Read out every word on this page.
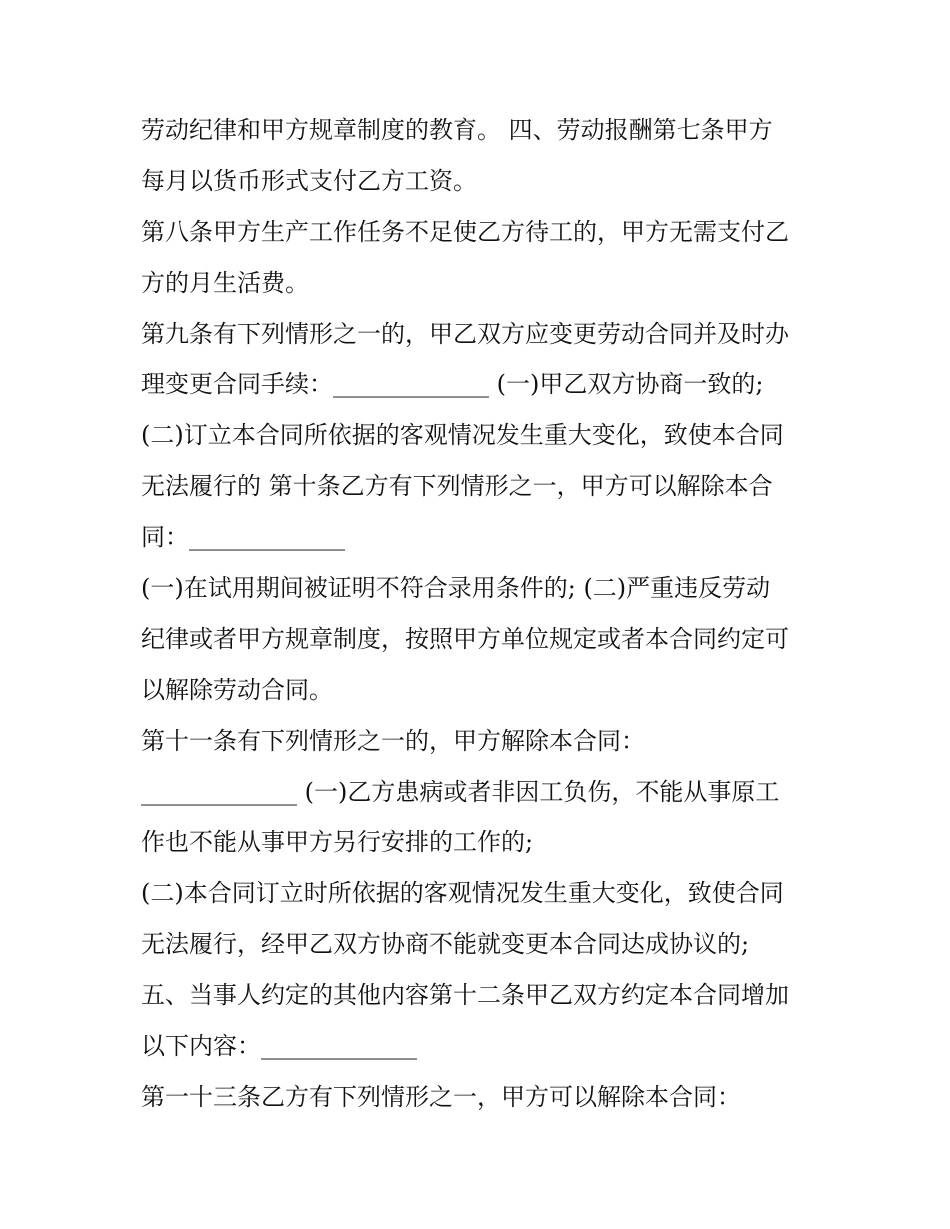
劳动纪律和甲方规章制度的教育。 四、劳动报酬第七条甲方
每月以货币形式支付乙方工资。
第八条甲方生产工作任务不足使乙方待工的，甲方无需支付乙
方的月生活费。
第九条有下列情形之一的，甲乙双方应变更劳动合同并及时办
理变更合同手续：_____________ (一)甲乙双方协商一致的;
(二)订立本合同所依据的客观情况发生重大变化，致使本合同
无法履行的 第十条乙方有下列情形之一，甲方可以解除本合
同：_____________
(一)在试用期间被证明不符合录用条件的; (二)严重违反劳动
纪律或者甲方规章制度，按照甲方单位规定或者本合同约定可
以解除劳动合同。
第十一条有下列情形之一的，甲方解除本合同：
_____________ (一)乙方患病或者非因工负伤，不能从事原工
作也不能从事甲方另行安排的工作的;
(二)本合同订立时所依据的客观情况发生重大变化，致使合同
无法履行，经甲乙双方协商不能就变更本合同达成协议的;
五、当事人约定的其他内容第十二条甲乙双方约定本合同增加
以下内容：_____________
第一十三条乙方有下列情形之一，甲方可以解除本合同：
